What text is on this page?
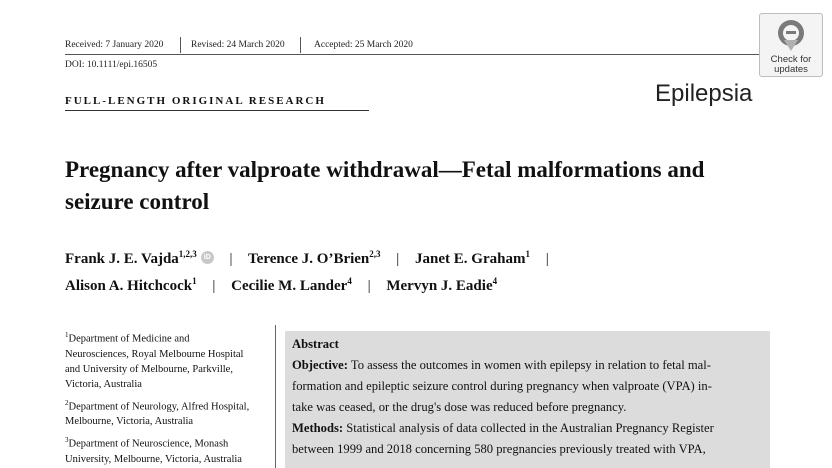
Received: 7 January 2020	Revised: 24 March 2020	Accepted: 25 March 2020
DOI: 10.1111/epi.16505	Check for
updates
Epilepsia
FULL-LENGTH ORIGINAL RESEARCH
Pregnancy after valproate withdrawal—Fetal malformations and
seizure control
Frank J. E. Vajda$^{1,2,3}$ iD | Terence J. O’Brien$^{2,3}$ | Janet E. Graham$^1$ |
Alison A. Hitchcock$^1$ | Cecilie M. Lander$^4$ | Mervyn J. Eadie$^4$
$^1$Department of Medicine and
Neurosciences, Royal Melbourne Hospital
and University of Melbourne, Parkville,
Victoria, Australia
$^2$Department of Neurology, Alfred Hospital,
Melbourne, Victoria, Australia
$^3$Department of Neuroscience, Monash
University, Melbourne, Victoria, Australia
Abstract
Objective: To assess the outcomes in women with epilepsy in relation to fetal mal-
formation and epileptic seizure control during pregnancy when valproate (VPA) in-
take was ceased, or the drug's dose was reduced before pregnancy.
Methods: Statistical analysis of data collected in the Australian Pregnancy Register
between 1999 and 2018 concerning 580 pregnancies previously treated with VPA,
